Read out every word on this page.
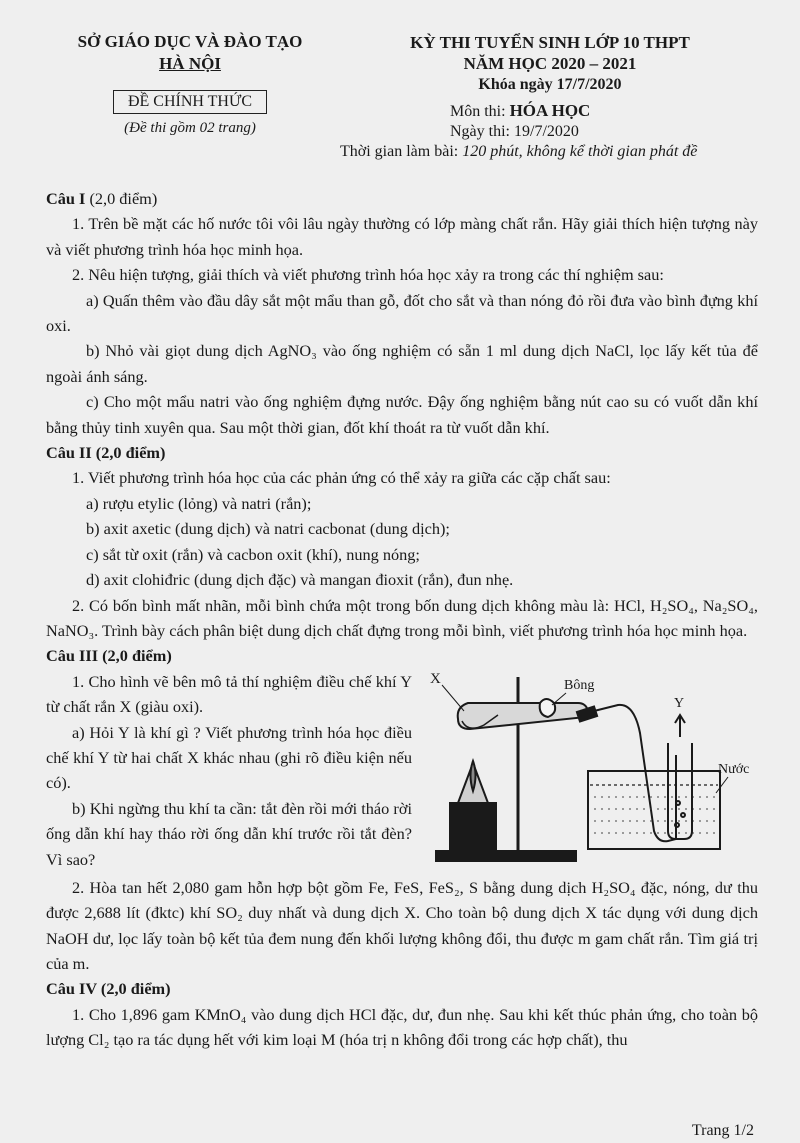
SỞ GIÁO DỤC VÀ ĐÀO TẠO
HÀ NỘI
ĐỀ CHÍNH THỨC
(Đề thi gồm 02 trang)
KỲ THI TUYỂN SINH LỚP 10 THPT
NĂM HỌC 2020 – 2021
Khóa ngày 17/7/2020
Môn thi: HÓA HỌC
Ngày thi: 19/7/2020
Thời gian làm bài: 120 phút, không kể thời gian phát đề

Câu I (2,0 điểm)

1. Trên bề mặt các hố nước tôi vôi lâu ngày thường có lớp màng chất rắn. Hãy giải thích hiện tượng này và viết phương trình hóa học minh họa.

2. Nêu hiện tượng, giải thích và viết phương trình hóa học xảy ra trong các thí nghiệm sau:

a) Quấn thêm vào đầu dây sắt một mẩu than gỗ, đốt cho sắt và than nóng đỏ rồi đưa vào bình đựng khí oxi.

b) Nhỏ vài giọt dung dịch AgNO₃ vào ống nghiệm có sẵn 1 ml dung dịch NaCl, lọc lấy kết tủa để ngoài ánh sáng.

c) Cho một mẩu natri vào ống nghiệm đựng nước. Đậy ống nghiệm bằng nút cao su có vuốt dẫn khí bằng thủy tinh xuyên qua. Sau một thời gian, đốt khí thoát ra từ vuốt dẫn khí.

Câu II (2,0 điểm)

1. Viết phương trình hóa học của các phản ứng có thể xảy ra giữa các cặp chất sau:

a) rượu etylic (lỏng) và natri (rắn);

b) axit axetic (dung dịch) và natri cacbonat (dung dịch);

c) sắt từ oxit (rắn) và cacbon oxit (khí), nung nóng;

d) axit clohiđric (dung dịch đặc) và mangan đioxit (rắn), đun nhẹ.

2. Có bốn bình mất nhãn, mỗi bình chứa một trong bốn dung dịch không màu là: HCl, H₂SO₄, Na₂SO₄, NaNO₃. Trình bày cách phân biệt dung dịch chất đựng trong mỗi bình, viết phương trình hóa học minh họa.

Câu III (2,0 điểm)

1. Cho hình vẽ bên mô tả thí nghiệm điều chế khí Y từ chất rắn X (giàu oxi).

a) Hỏi Y là khí gì ? Viết phương trình hóa học điều chế khí Y từ hai chất X khác nhau (ghi rõ điều kiện nếu có).

b) Khi ngừng thu khí ta cần: tắt đèn rồi mới tháo rời ống dẫn khí hay tháo rời ống dẫn khí trước rồi tắt đèn? Vì sao?

X	Bông
Y
Nước

2. Hòa tan hết 2,080 gam hỗn hợp bột gồm Fe, FeS, FeS₂, S bằng dung dịch H₂SO₄ đặc, nóng, dư thu được 2,688 lít (đktc) khí SO₂ duy nhất và dung dịch X. Cho toàn bộ dung dịch X tác dụng với dung dịch NaOH dư, lọc lấy toàn bộ kết tủa đem nung đến khối lượng không đổi, thu được m gam chất rắn. Tìm giá trị của m.

Câu IV (2,0 điểm)

1. Cho 1,896 gam KMnO₄ vào dung dịch HCl đặc, dư, đun nhẹ. Sau khi kết thúc phản ứng, cho toàn bộ lượng Cl₂ tạo ra tác dụng hết với kim loại M (hóa trị n không đổi trong các hợp chất), thu

Trang 1/2
